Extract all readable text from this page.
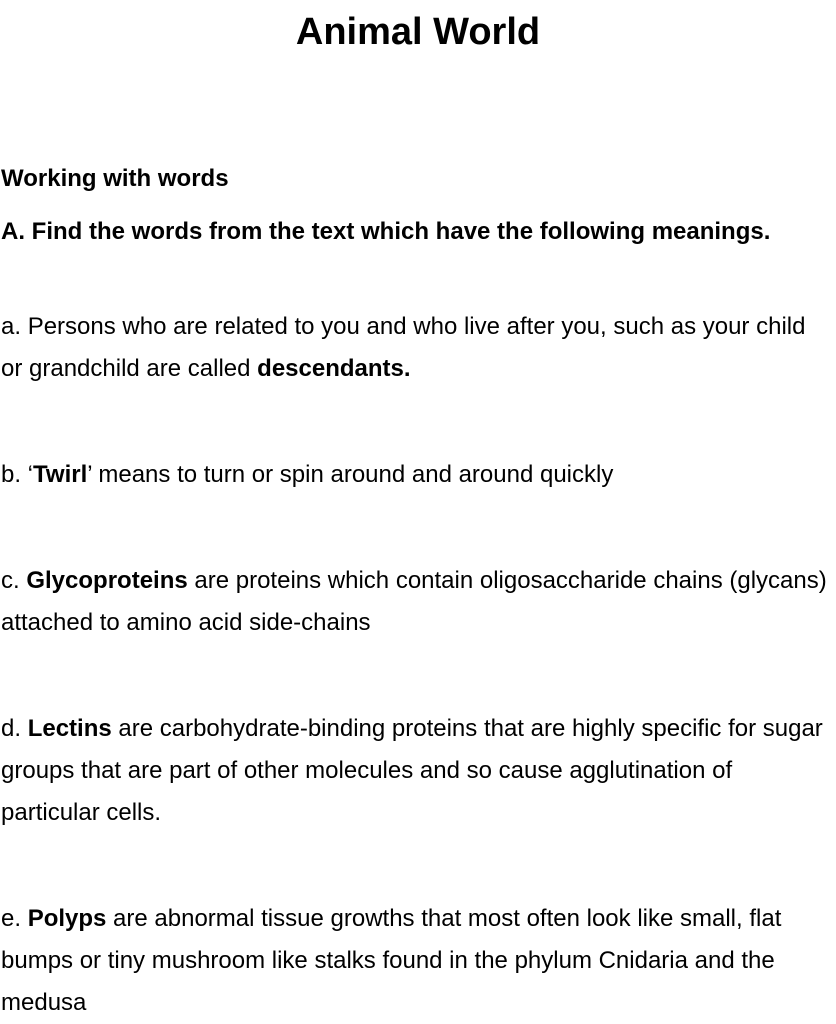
Animal World
Working with words
A. Find the words from the text which have the following meanings.
a. Persons who are related to you and who live after you, such as your child or grandchild are called descendants.
b. ‘Twirl’ means to turn or spin around and around quickly
c. Glycoproteins are proteins which contain oligosaccharide chains (glycans) attached to amino acid side-chains
d. Lectins are carbohydrate-binding proteins that are highly specific for sugar groups that are part of other molecules and so cause agglutination of particular cells.
e. Polyps are abnormal tissue growths that most often look like small, flat bumps or tiny mushroom like stalks found in the phylum Cnidaria and the medusa
